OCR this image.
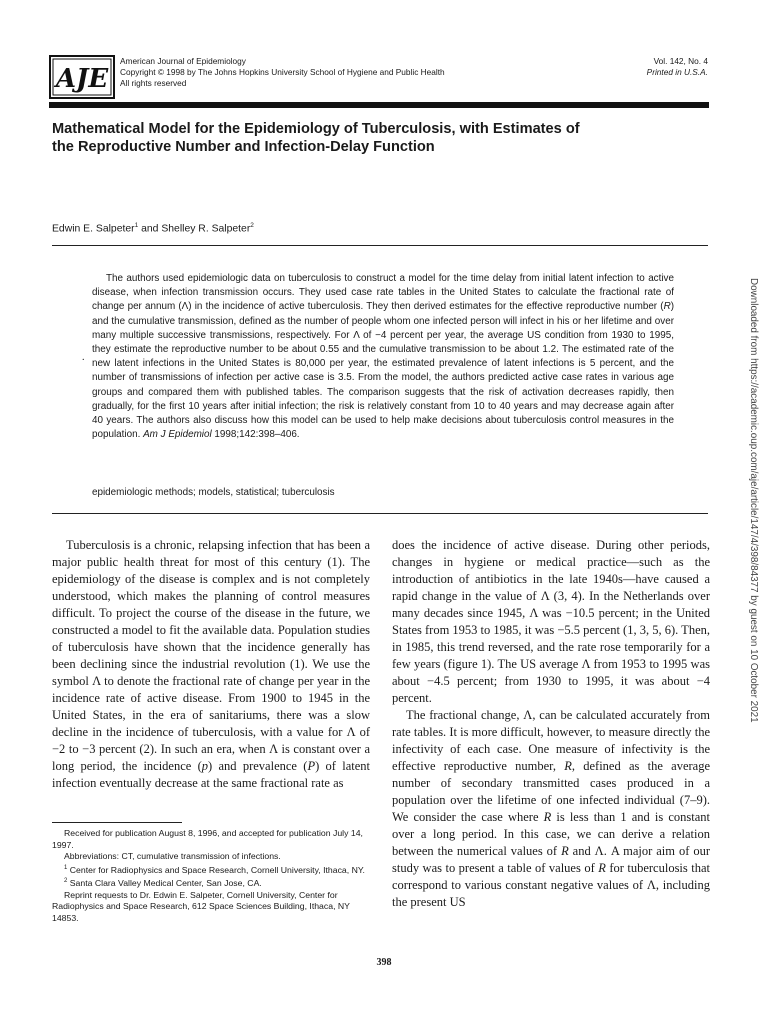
AJE
American Journal of Epidemiology
Copyright © 1998 by The Johns Hopkins University School of Hygiene and Public Health
All rights reserved
Vol. 142, No. 4
Printed in U.S.A.
Mathematical Model for the Epidemiology of Tuberculosis, with Estimates of
the Reproductive Number and Infection-Delay Function
Edwin E. Salpeter$^1$ and Shelley R. Salpeter$^2$
.
The authors used epidemiologic data on tuberculosis to construct a model for the time delay from initial latent infection to active disease, when infection transmission occurs. They used case rate tables in the United States to calculate the fractional rate of change per annum (Λ) in the incidence of active tuberculosis. They then derived estimates for the effective reproductive number (R) and the cumulative transmission, defined as the number of people whom one infected person will infect in his or her lifetime and over many multiple successive transmissions, respectively. For Λ of −4 percent per year, the average US condition from 1930 to 1995, they estimate the reproductive number to be about 0.55 and the cumulative transmission to be about 1.2. The estimated rate of the new latent infections in the United States is 80,000 per year, the estimated prevalence of latent infections is 5 percent, and the number of transmissions of infection per active case is 3.5. From the model, the authors predicted active case rates in various age groups and compared them with published tables. The comparison suggests that the risk of activation decreases rapidly, then gradually, for the first 10 years after initial infection; the risk is relatively constant from 10 to 40 years and may decrease again after 40 years. The authors also discuss how this model can be used to help make decisions about tuberculosis control measures in the population. Am J Epidemiol 1998;142:398–406.
epidemiologic methods; models, statistical; tuberculosis

Tuberculosis is a chronic, relapsing infection that has been a major public health threat for most of this century (1). The epidemiology of the disease is complex and is not completely understood, which makes the planning of control measures difficult. To project the course of the disease in the future, we constructed a model to fit the available data. Population studies of tuberculosis have shown that the incidence generally has been declining since the industrial revolution (1). We use the symbol Λ to denote the fractional rate of change per year in the incidence rate of active disease. From 1900 to 1945 in the United States, in the era of sanitariums, there was a slow decline in the incidence of tuberculosis, with a value for Λ of −2 to −3 percent (2). In such an era, when Λ is constant over a long period, the incidence (p) and prevalence (P) of latent infection eventually decrease at the same fractional rate as

does the incidence of active disease. During other periods, changes in hygiene or medical practice—such as the introduction of antibiotics in the late 1940s—have caused a rapid change in the value of Λ (3, 4). In the Netherlands over many decades since 1945, Λ was −10.5 percent; in the United States from 1953 to 1985, it was −5.5 percent (1, 3, 5, 6). Then, in 1985, this trend reversed, and the rate rose temporarily for a few years (figure 1). The US average Λ from 1953 to 1995 was about −4.5 percent; from 1930 to 1995, it was about −4 percent.

The fractional change, Λ, can be calculated accurately from rate tables. It is more difficult, however, to measure directly the infectivity of each case. One measure of infectivity is the effective reproductive number, R, defined as the average number of secondary transmitted cases produced in a population over the lifetime of one infected individual (7–9). We consider the case where R is less than 1 and is constant over a long period. In this case, we can derive a relation between the numerical values of R and Λ. A major aim of our study was to present a table of values of R for tuberculosis that correspond to various constant negative values of Λ, including the present US

Received for publication August 8, 1996, and accepted for publication July 14, 1997.

Abbreviations: CT, cumulative transmission of infections.

$^1$ Center for Radiophysics and Space Research, Cornell University, Ithaca, NY.

$^2$ Santa Clara Valley Medical Center, San Jose, CA.

Reprint requests to Dr. Edwin E. Salpeter, Cornell University, Center for Radiophysics and Space Research, 612 Space Sciences Building, Ithaca, NY 14853.

398
Downloaded from https://academic.oup.com/aje/article/147/4/398/84377 by guest on 10 October 2021
